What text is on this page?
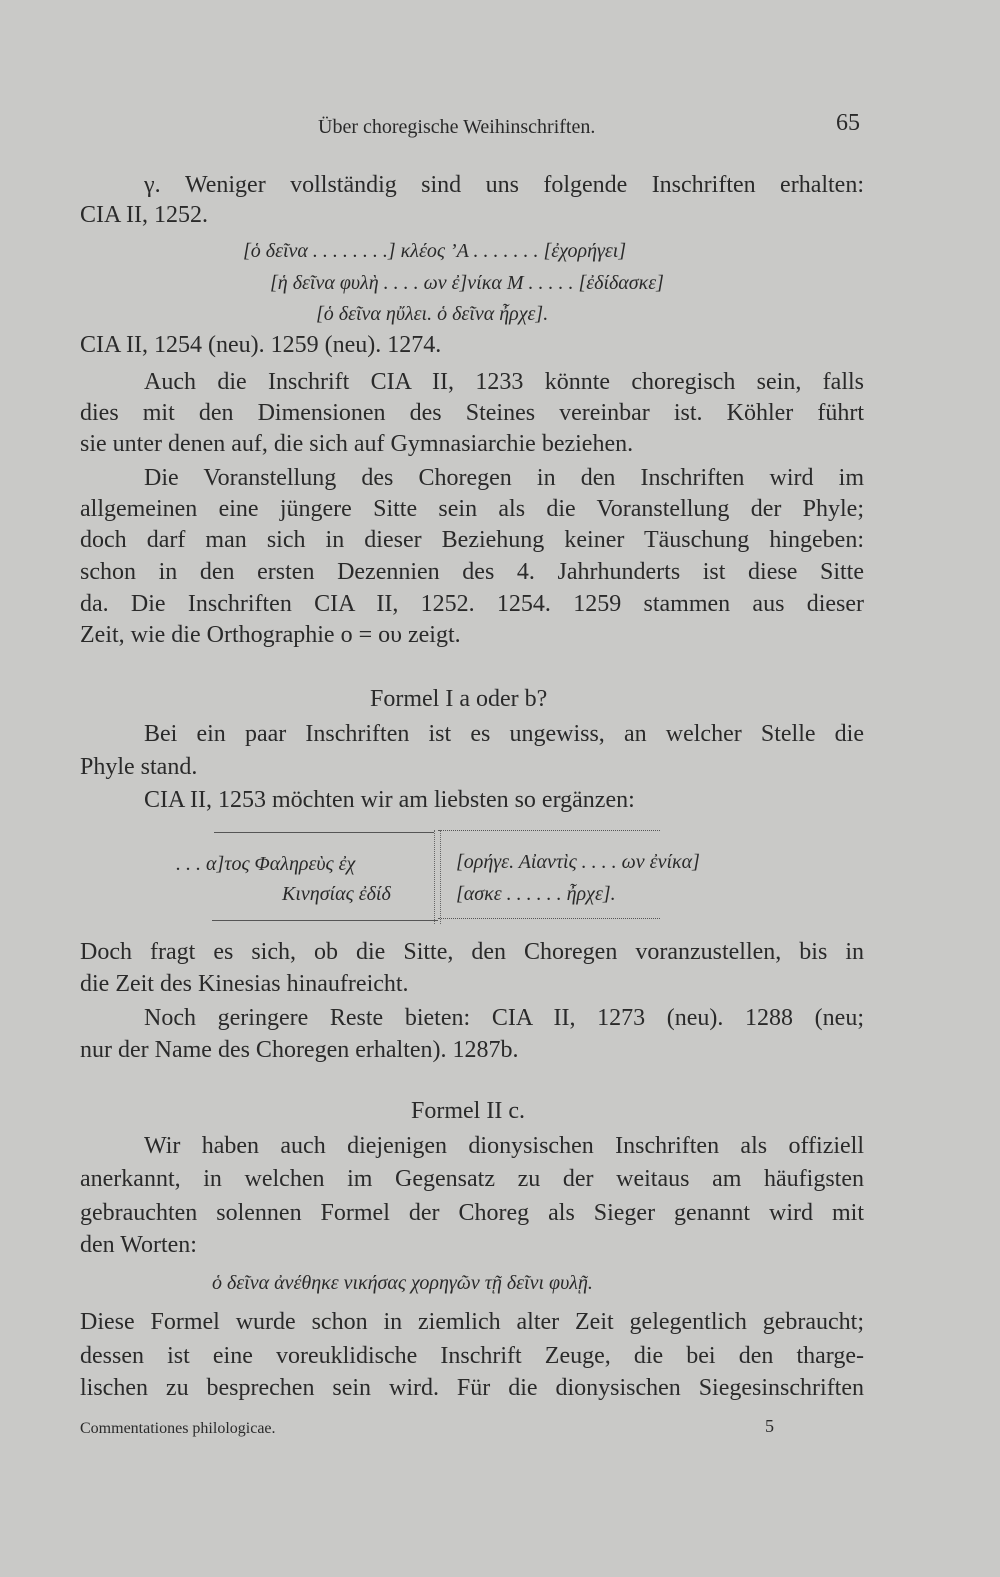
Über choregische Weihinschriften.	65
γ. Weniger vollständig sind uns folgende Inschriften erhalten:
CIA II, 1252.
[ὁ δεῖνα . . . . . . . .] κλέος ’A . . . . . . . [ἐχορήγει]
[ἡ δεῖνα φυλὴ . . . . ων ἐ]νίκα M . . . . . [ἐδίδασκε]
[ὁ δεῖνα ηὔλει. ὁ δεῖνα ἦρχε].
CIA II, 1254 (neu). 1259 (neu). 1274.
Auch die Inschrift CIA II, 1233 könnte choregisch sein, falls
dies mit den Dimensionen des Steines vereinbar ist. Köhler führt
sie unter denen auf, die sich auf Gymnasiarchie beziehen.
Die Voranstellung des Choregen in den Inschriften wird im
allgemeinen eine jüngere Sitte sein als die Voranstellung der Phyle;
doch darf man sich in dieser Beziehung keiner Täuschung hingeben:
schon in den ersten Dezennien des 4. Jahrhunderts ist diese Sitte
da. Die Inschriften CIA II, 1252. 1254. 1259 stammen aus dieser
Zeit, wie die Orthographie ο = ου zeigt.
Formel I a oder b?
Bei ein paar Inschriften ist es ungewiss, an welcher Stelle die
Phyle stand.
CIA II, 1253 möchten wir am liebsten so ergänzen:
. . . α]τος Φαληρεὺς ἐχ
Κινησίας ἐδίδ
[ορήγε. Αἰαντὶς . . . . ων ἐνίκα]
[ασκε . . . . . . ἦρχε].
Doch fragt es sich, ob die Sitte, den Choregen voranzustellen, bis in
die Zeit des Kinesias hinaufreicht.
Noch geringere Reste bieten: CIA II, 1273 (neu). 1288 (neu;
nur der Name des Choregen erhalten). 1287b.
Formel II c.
Wir haben auch diejenigen dionysischen Inschriften als offiziell
anerkannt, in welchen im Gegensatz zu der weitaus am häufigsten
gebrauchten solennen Formel der Choreg als Sieger genannt wird mit
den Worten:
ὁ δεῖνα ἀνέθηκε νικήσας χορηγῶν τῇ δεῖνι φυλῇ.
Diese Formel wurde schon in ziemlich alter Zeit gelegentlich gebraucht;
dessen ist eine voreuklidische Inschrift Zeuge, die bei den tharge-
lischen zu besprechen sein wird. Für die dionysischen Siegesinschriften
Commentationes philologicae.	5
